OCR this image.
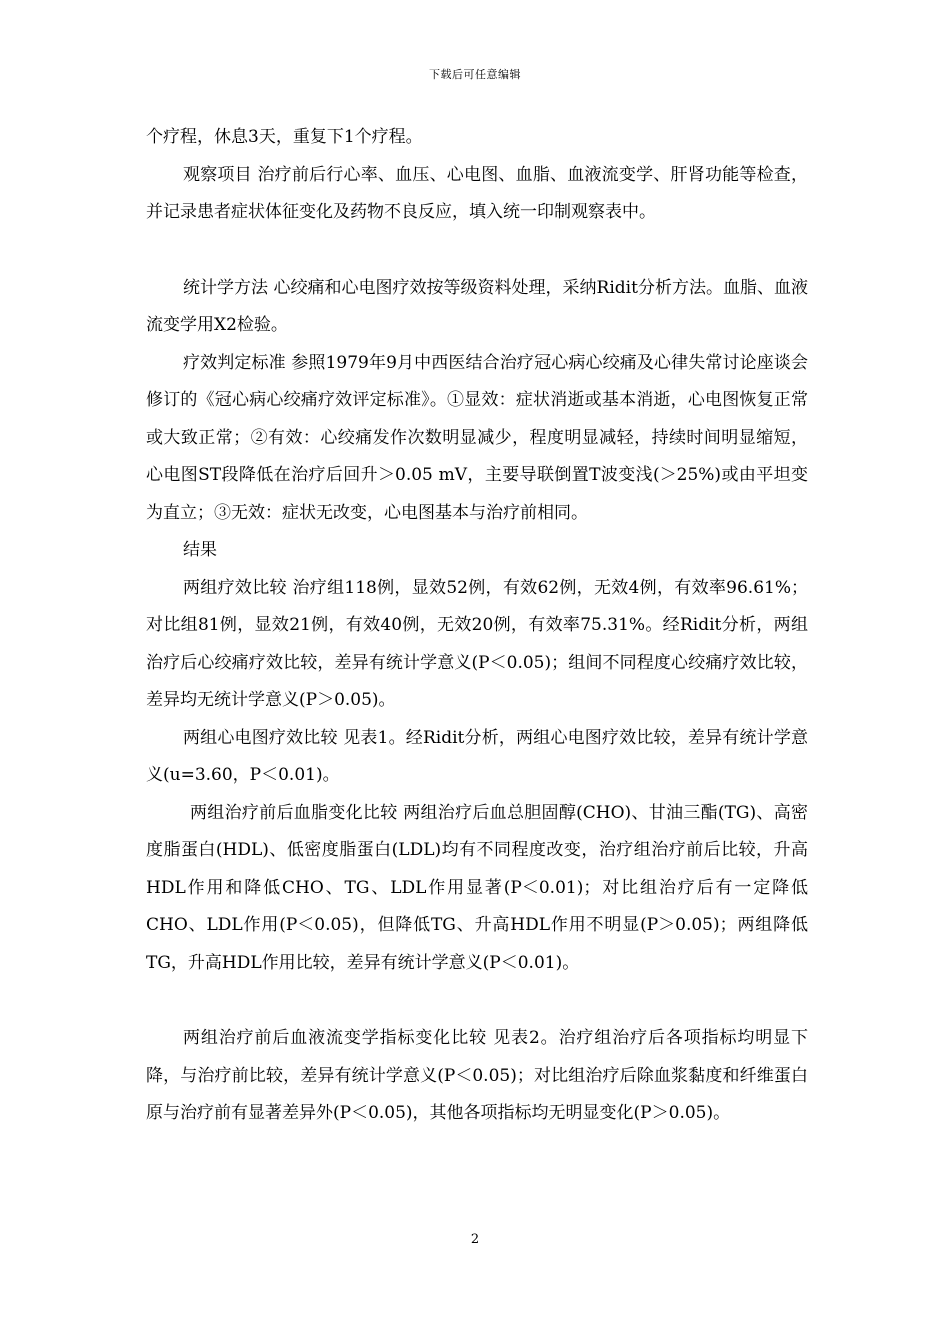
下载后可任意编辑

个疗程，休息3天，重复下1个疗程。

观察项目 治疗前后行心率、血压、心电图、血脂、血液流变学、肝肾功能等检查，并记录患者症状体征变化及药物不良反应，填入统一印制观察表中。

统计学方法 心绞痛和心电图疗效按等级资料处理，采纳Ridit分析方法。血脂、血液流变学用X2检验。

疗效判定标准 参照1979年9月中西医结合治疗冠心病心绞痛及心律失常讨论座谈会修订的《冠心病心绞痛疗效评定标准》。①显效：症状消逝或基本消逝，心电图恢复正常或大致正常；②有效：心绞痛发作次数明显减少，程度明显减轻，持续时间明显缩短，心电图ST段降低在治疗后回升＞0.05 mV，主要导联倒置T波变浅(＞25%)或由平坦变为直立；③无效：症状无改变，心电图基本与治疗前相同。

结果

两组疗效比较 治疗组118例，显效52例，有效62例，无效4例，有效率96.61%；对比组81例，显效21例，有效40例，无效20例，有效率75.31%。经Ridit分析，两组治疗后心绞痛疗效比较，差异有统计学意义(P＜0.05)；组间不同程度心绞痛疗效比较，差异均无统计学意义(P＞0.05)。

两组心电图疗效比较 见表1。经Ridit分析，两组心电图疗效比较，差异有统计学意义(u=3.60，P＜0.01)。

两组治疗前后血脂变化比较 两组治疗后血总胆固醇(CHO)、甘油三酯(TG)、高密度脂蛋白(HDL)、低密度脂蛋白(LDL)均有不同程度改变，治疗组治疗前后比较，升高HDL作用和降低CHO、TG、LDL作用显著(P＜0.01)；对比组治疗后有一定降低CHO、LDL作用(P＜0.05)，但降低TG、升高HDL作用不明显(P＞0.05)；两组降低TG，升高HDL作用比较，差异有统计学意义(P＜0.01)。

两组治疗前后血液流变学指标变化比较 见表2。治疗组治疗后各项指标均明显下降，与治疗前比较，差异有统计学意义(P＜0.05)；对比组治疗后除血浆黏度和纤维蛋白原与治疗前有显著差异外(P＜0.05)，其他各项指标均无明显变化(P＞0.05)。

2
